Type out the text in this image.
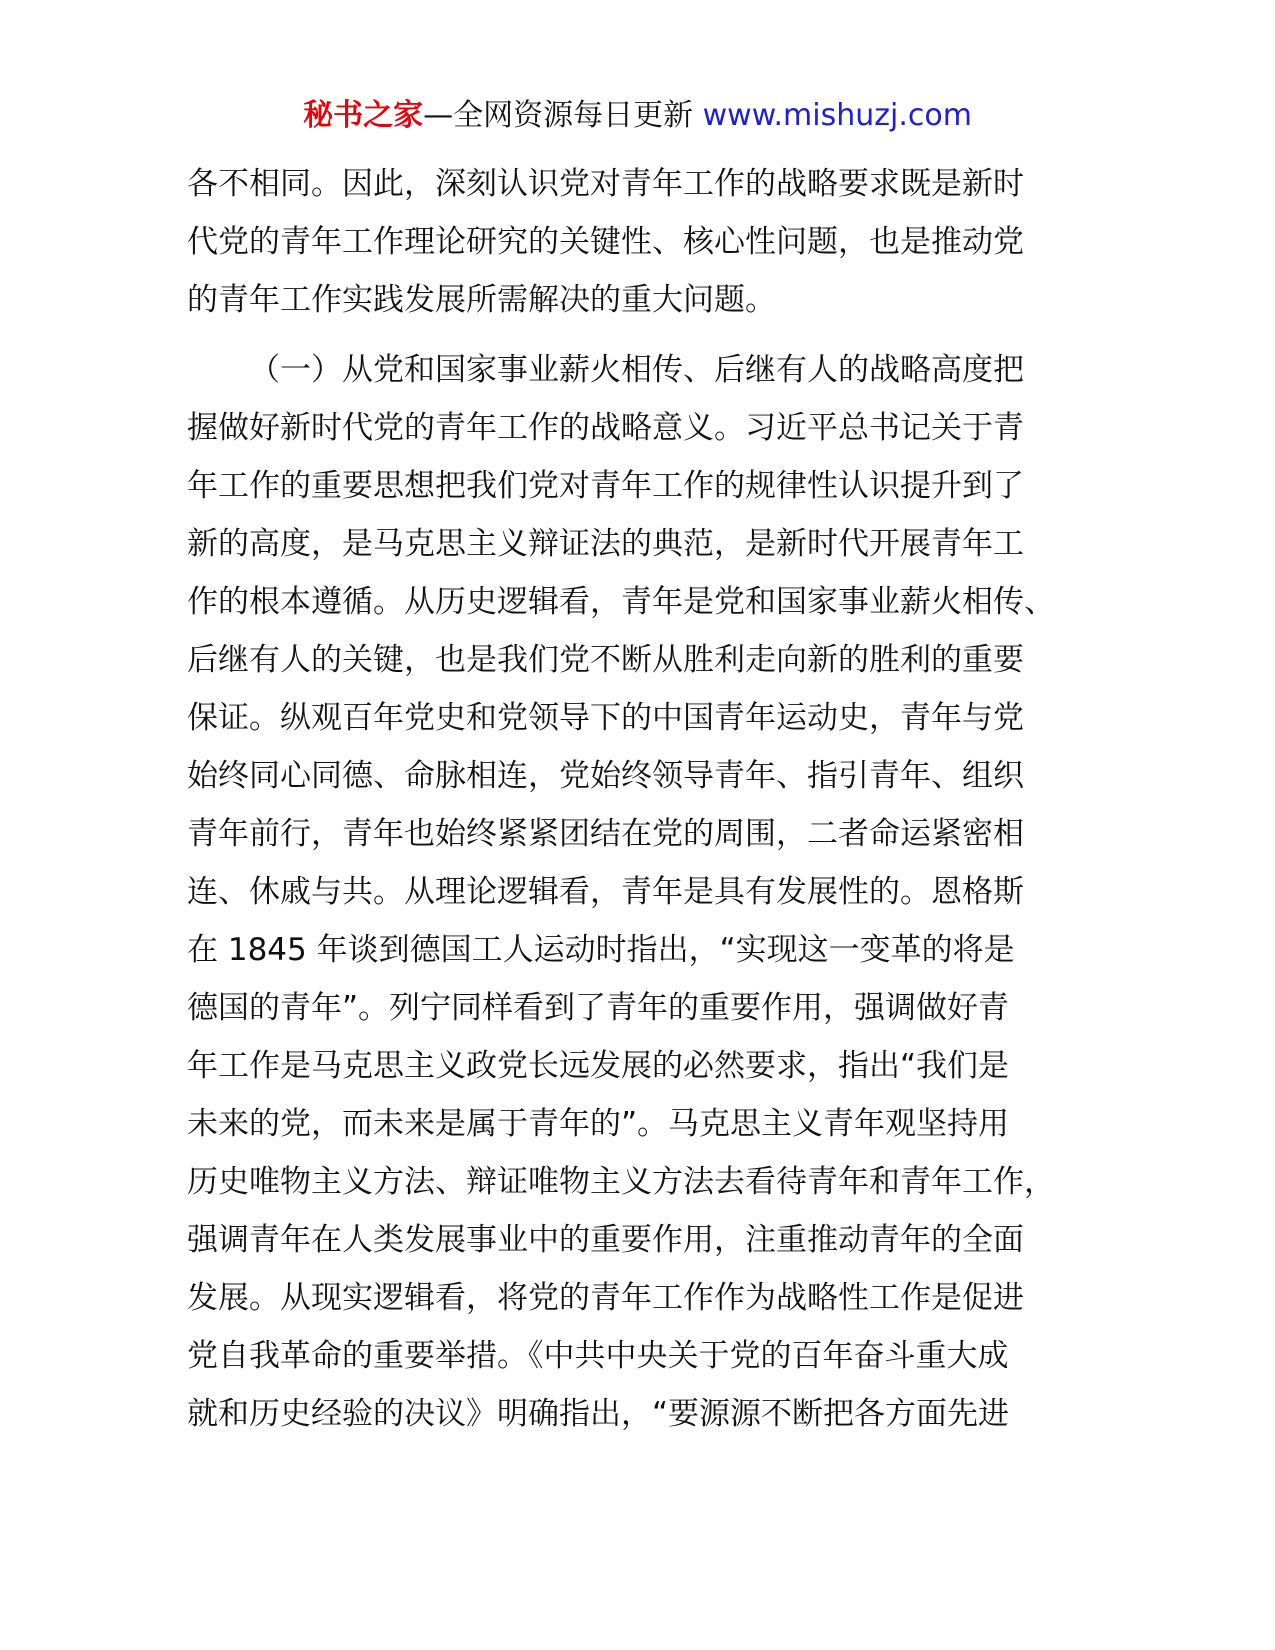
秘书之家—全网资源每日更新 www.mishuzj.com
各不相同。因此，深刻认识党对青年工作的战略要求既是新时
代党的青年工作理论研究的关键性、核心性问题，也是推动党
的青年工作实践发展所需解决的重大问题。
（一）从党和国家事业薪火相传、后继有人的战略高度把
握做好新时代党的青年工作的战略意义。习近平总书记关于青
年工作的重要思想把我们党对青年工作的规律性认识提升到了
新的高度，是马克思主义辩证法的典范，是新时代开展青年工
作的根本遵循。从历史逻辑看，青年是党和国家事业薪火相传、
后继有人的关键，也是我们党不断从胜利走向新的胜利的重要
保证。纵观百年党史和党领导下的中国青年运动史，青年与党
始终同心同德、命脉相连，党始终领导青年、指引青年、组织
青年前行，青年也始终紧紧团结在党的周围，二者命运紧密相
连、休戚与共。从理论逻辑看，青年是具有发展性的。恩格斯
在 1845 年谈到德国工人运动时指出，“实现这一变革的将是
德国的青年”。列宁同样看到了青年的重要作用，强调做好青
年工作是马克思主义政党长远发展的必然要求，指出“我们是
未来的党，而未来是属于青年的”。马克思主义青年观坚持用
历史唯物主义方法、辩证唯物主义方法去看待青年和青年工作，
强调青年在人类发展事业中的重要作用，注重推动青年的全面
发展。从现实逻辑看，将党的青年工作作为战略性工作是促进
党自我革命的重要举措。《中共中央关于党的百年奋斗重大成
就和历史经验的决议》明确指出，“要源源不断把各方面先进
